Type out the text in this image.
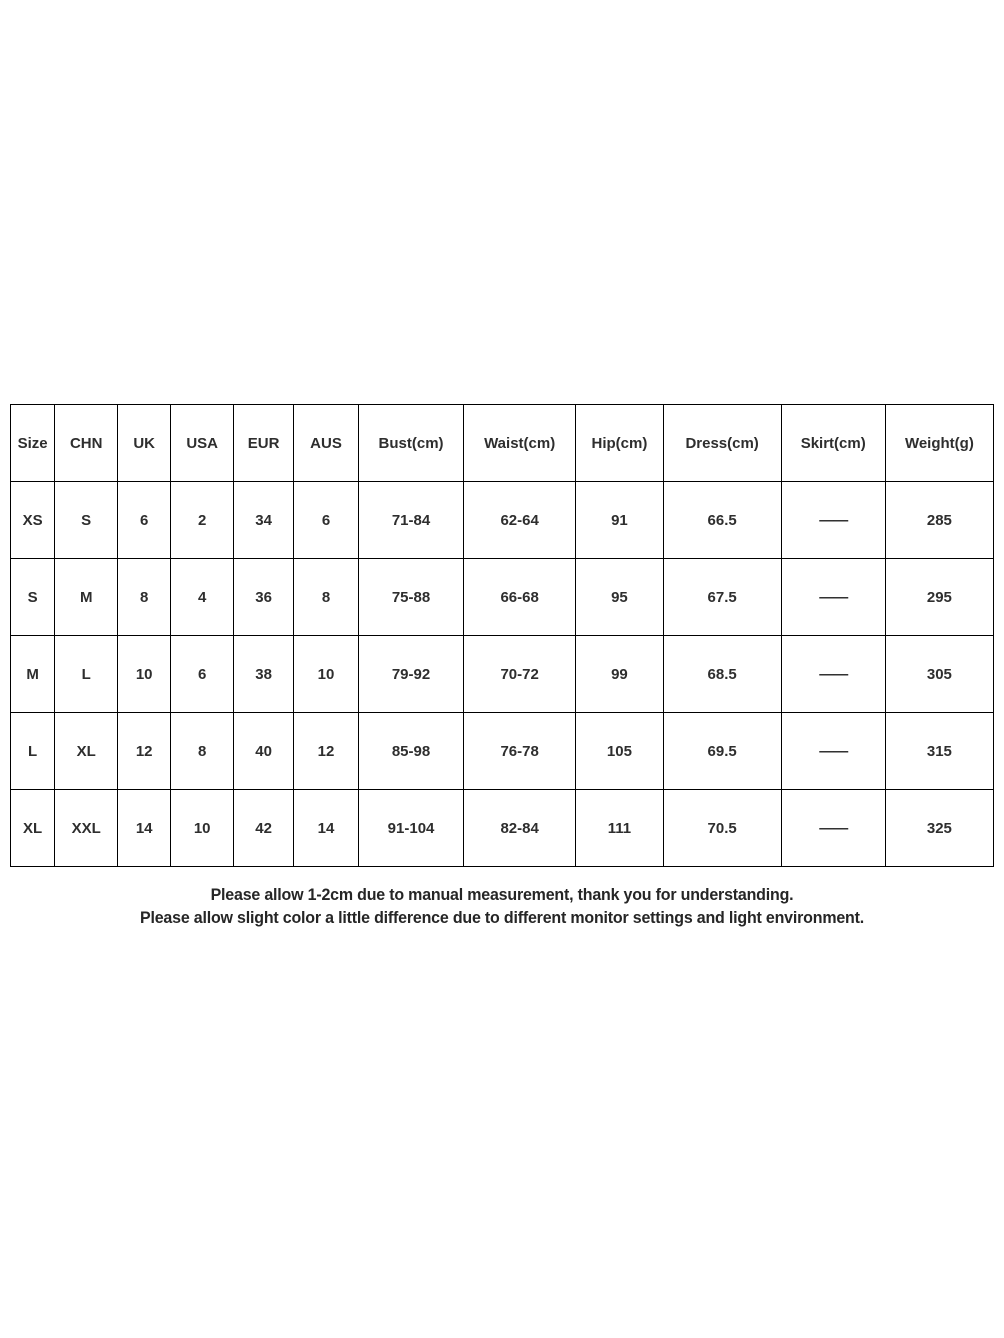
Size	CHN	UK	USA	EUR	AUS	Bust(cm)	Waist(cm)	Hip(cm)	Dress(cm)	Skirt(cm)	Weight(g)
XS	S	6	2	34	6	71-84	62-64	91	66.5	——	285
S	M	8	4	36	8	75-88	66-68	95	67.5	——	295
M	L	10	6	38	10	79-92	70-72	99	68.5	——	305
L	XL	12	8	40	12	85-98	76-78	105	69.5	——	315
XL	XXL	14	10	42	14	91-104	82-84	111	70.5	——	325
Please allow 1-2cm due to manual measurement, thank you for understanding.
Please allow slight color a little difference due to different monitor settings and light environment.
